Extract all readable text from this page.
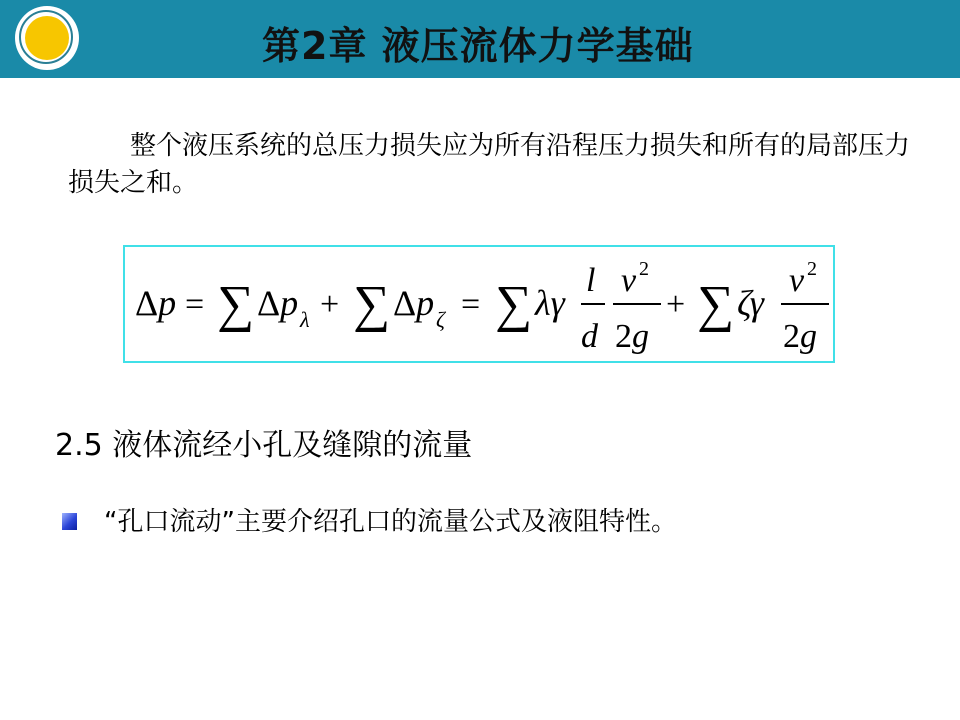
第2章 液压流体力学基础
整个液压系统的总压力损失应为所有沿程压力损失和所有的局部压力损失之和。
Δp = ∑ Δp λ + ∑ Δp ζ = ∑ λγ
l
d
v 2
2g
+ ∑ ζγ
v 2
2g
2.5 液体流经小孔及缝隙的流量
“孔口流动”主要介绍孔口的流量公式及液阻特性。
